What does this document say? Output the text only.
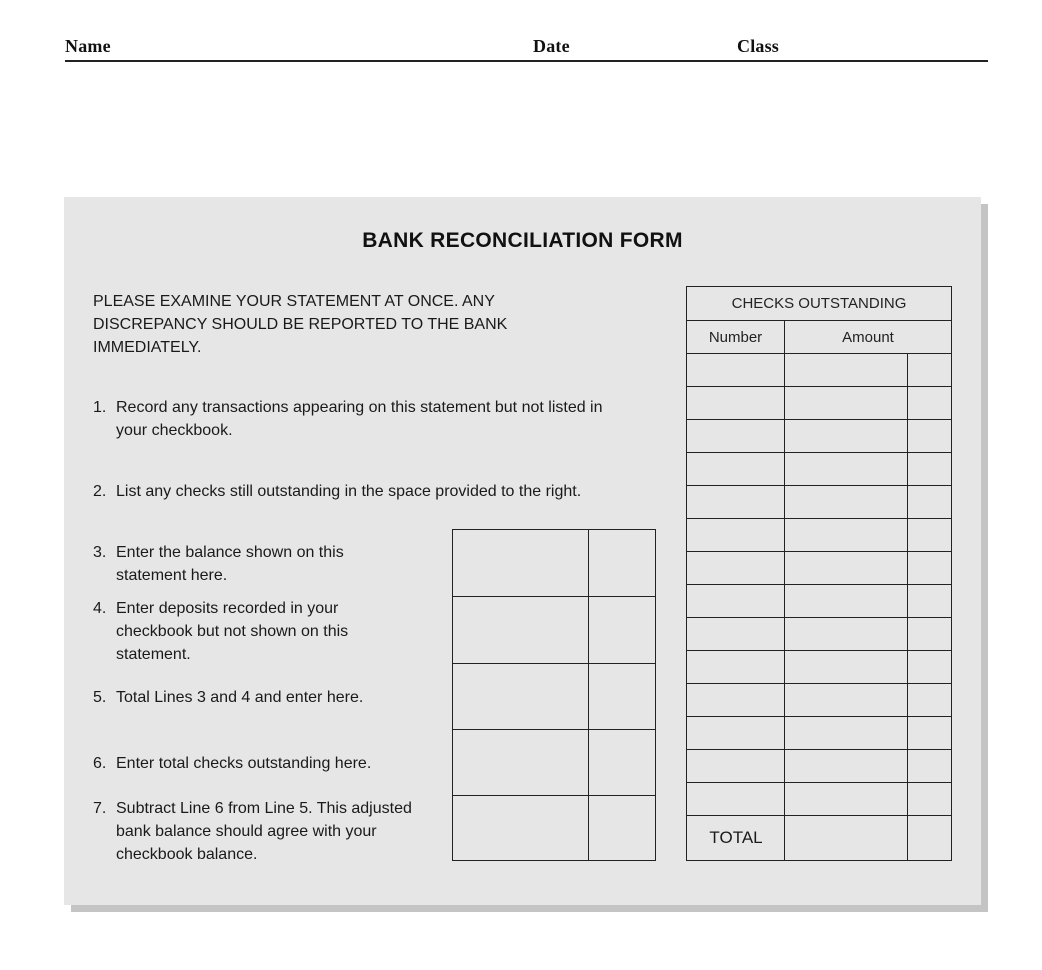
Name	Date	Class
BANK RECONCILIATION FORM
PLEASE EXAMINE YOUR STATEMENT AT ONCE. ANY DISCREPANCY SHOULD BE REPORTED TO THE BANK IMMEDIATELY.
1. Record any transactions appearing on this statement but not listed in your checkbook.
2. List any checks still outstanding in the space provided to the right.
3. Enter the balance shown on this statement here.
4. Enter deposits recorded in your checkbook but not shown on this statement.
5. Total Lines 3 and 4 and enter here.
6. Enter total checks outstanding here.
7. Subtract Line 6 from Line 5. This adjusted bank balance should agree with your checkbook balance.
CHECKS OUTSTANDING
Number	Amount
TOTAL
